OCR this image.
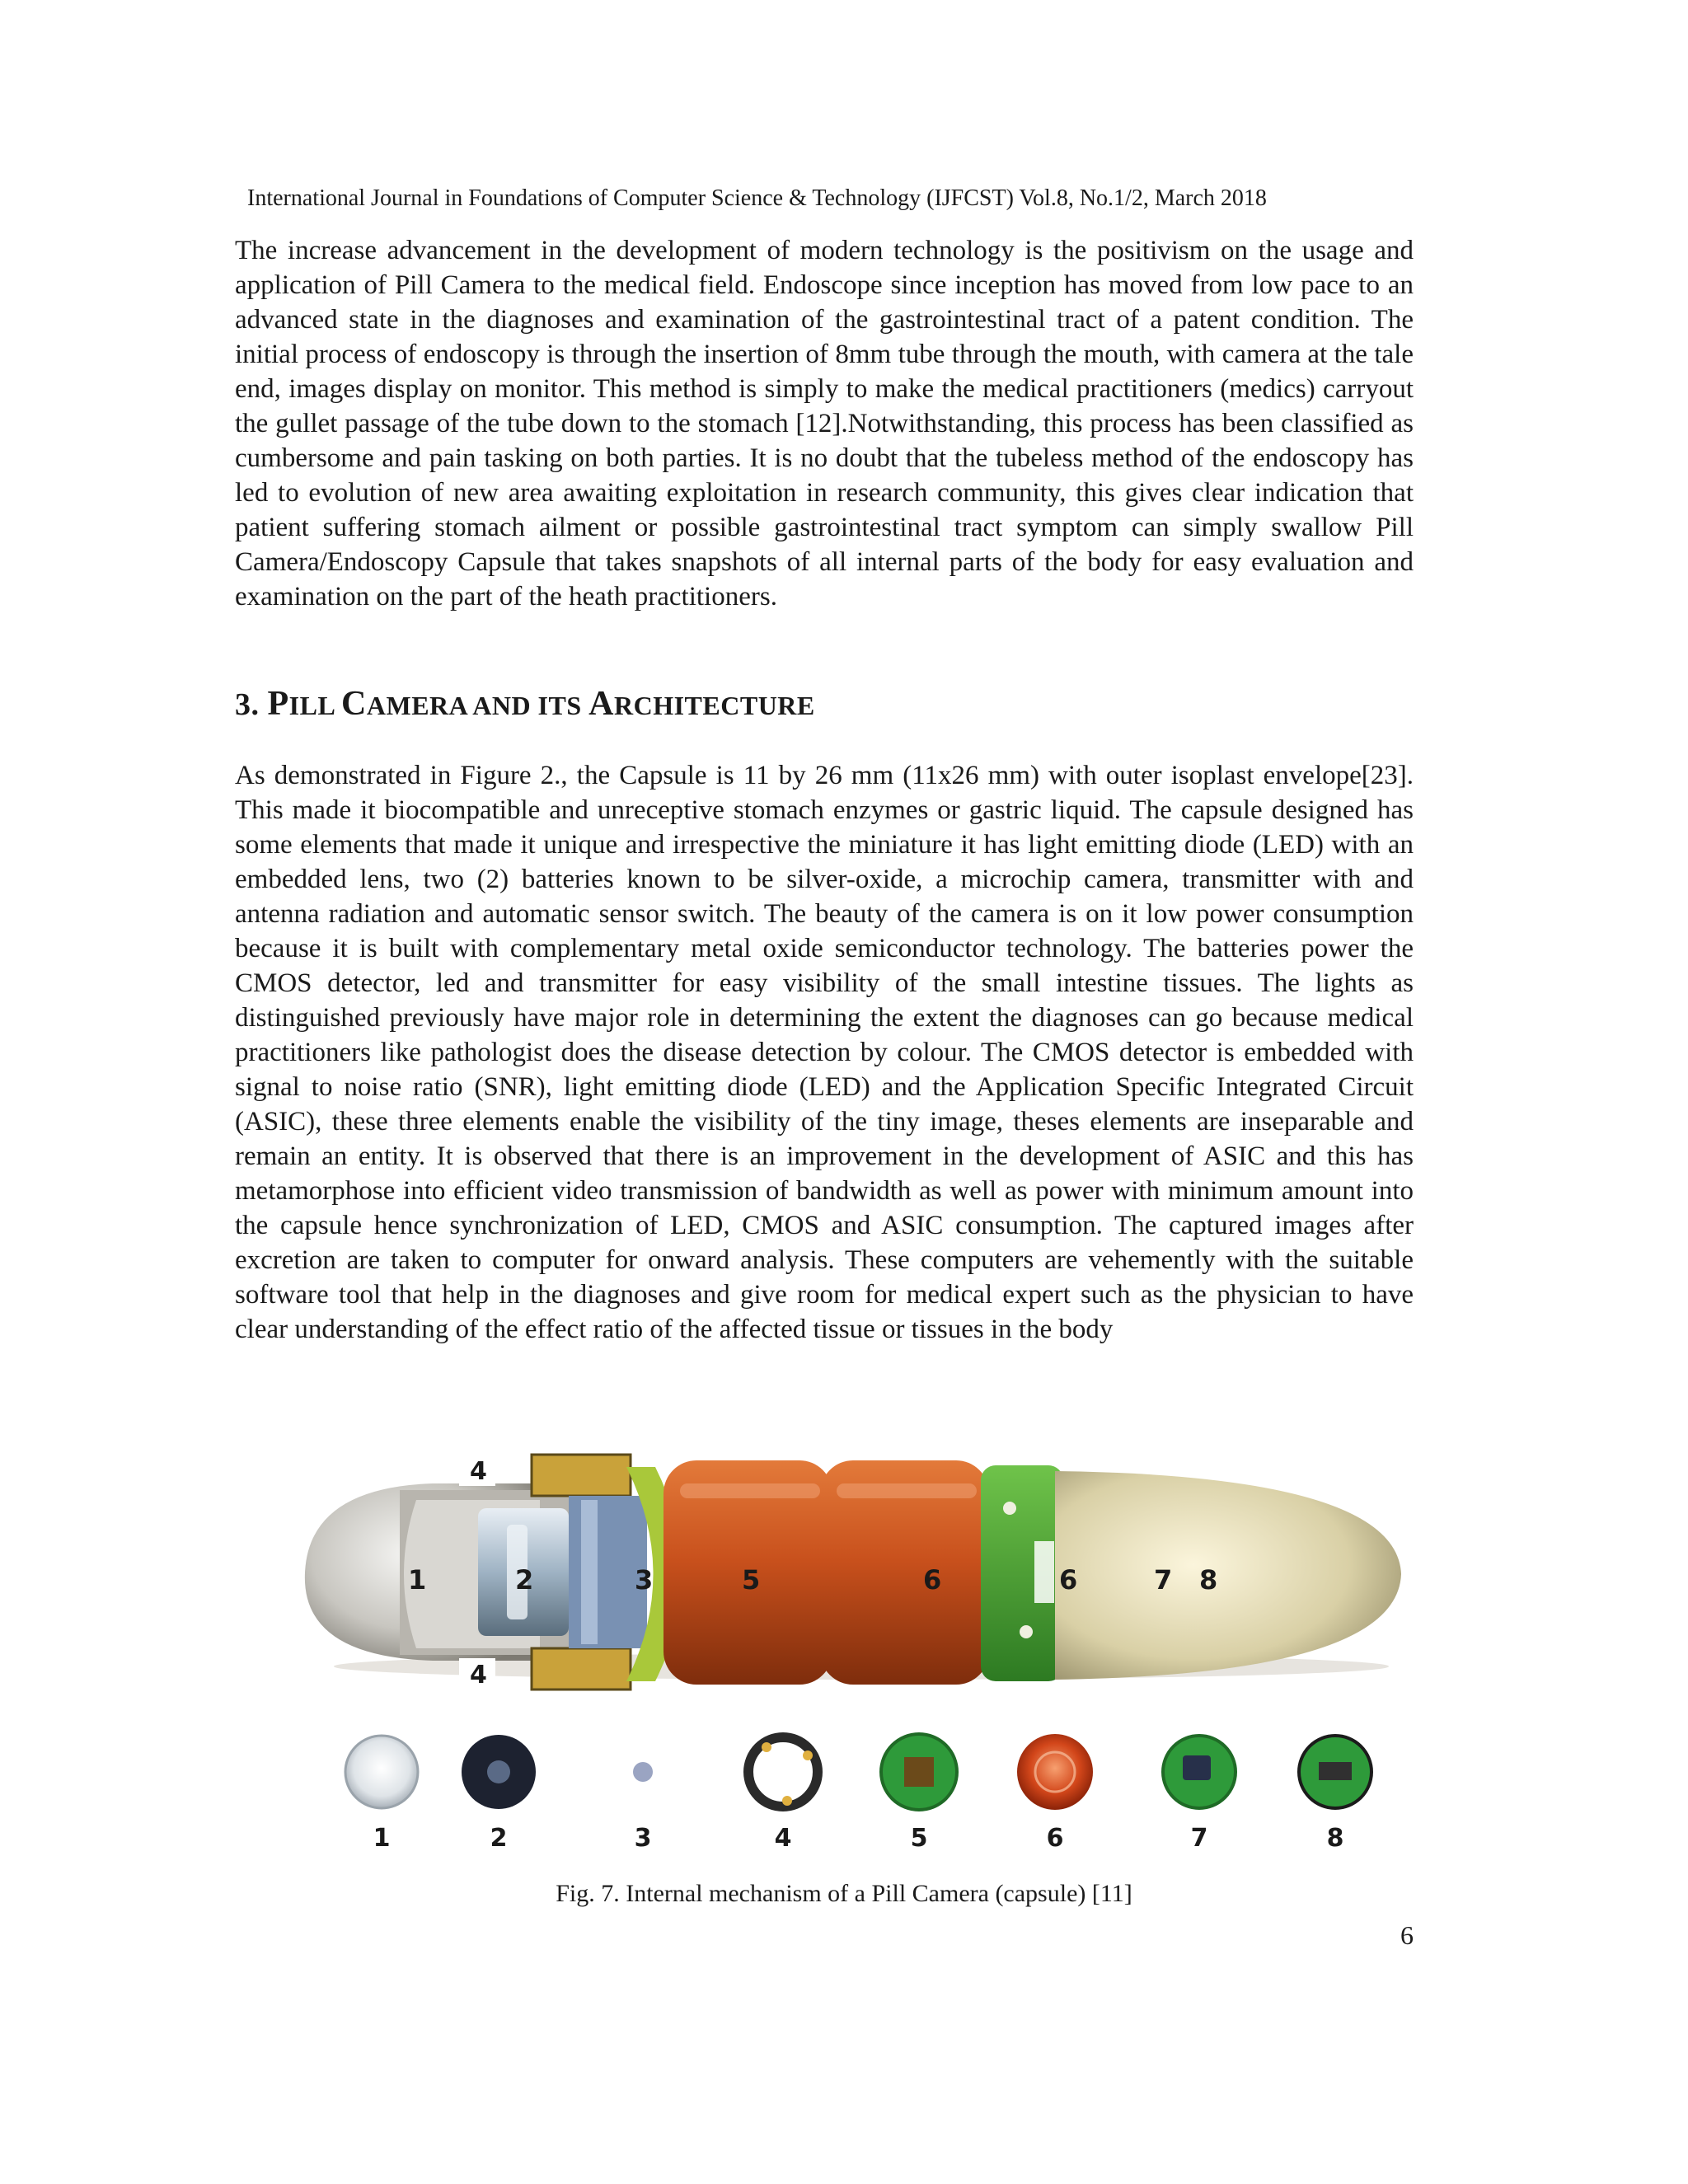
International Journal in Foundations of Computer Science & Technology (IJFCST) Vol.8, No.1/2, March 2018

The increase advancement in the development of modern technology is the positivism on the usage and application of Pill Camera to the medical field. Endoscope since inception has moved from low pace to an advanced state in the diagnoses and examination of the gastrointestinal tract of a patent condition. The initial process of endoscopy is through the insertion of 8mm tube through the mouth, with camera at the tale end, images display on monitor. This method is simply to make the medical practitioners (medics) carryout the gullet passage of the tube down to the stomach [12].Notwithstanding, this process has been classified as cumbersome and pain tasking on both parties. It is no doubt that the tubeless method of the endoscopy has led to evolution of new area awaiting exploitation in research community, this gives clear indication that patient suffering stomach ailment or possible gastrointestinal tract symptom can simply swallow Pill Camera/Endoscopy Capsule that takes snapshots of all internal parts of the body for easy evaluation and examination on the part of the heath practitioners.

3. PILL CAMERA AND ITS ARCHITECTURE

As demonstrated in Figure 2., the Capsule is 11 by 26 mm (11x26 mm) with outer isoplast envelope[23]. This made it biocompatible and unreceptive stomach enzymes or gastric liquid. The capsule designed has some elements that made it unique and irrespective the miniature it has light emitting diode (LED) with an embedded lens, two (2) batteries known to be silver-oxide, a microchip camera, transmitter with and antenna radiation and automatic sensor switch. The beauty of the camera is on it low power consumption because it is built with complementary metal oxide semiconductor technology. The batteries power the CMOS detector, led and transmitter for easy visibility of the small intestine tissues. The lights as distinguished previously have major role in determining the extent the diagnoses can go because medical practitioners like pathologist does the disease detection by colour. The CMOS detector is embedded with signal to noise ratio (SNR), light emitting diode (LED) and the Application Specific Integrated Circuit (ASIC), these three elements enable the visibility of the tiny image, theses elements are inseparable and remain an entity. It is observed that there is an improvement in the development of ASIC and this has metamorphose into efficient video transmission of bandwidth as well as power with minimum amount into the capsule hence synchronization of LED, CMOS and ASIC consumption. The captured images after excretion are taken to computer for onward analysis. These computers are vehemently with the suitable software tool that help in the diagnoses and give room for medical expert such as the physician to have clear understanding of the effect ratio of the affected tissue or tissues in the body

1	2	3	5	6	6	7 8
4
4
1	2	3	4	5	6	7	8
Fig. 7. Internal mechanism of a Pill Camera (capsule) [11]
6
